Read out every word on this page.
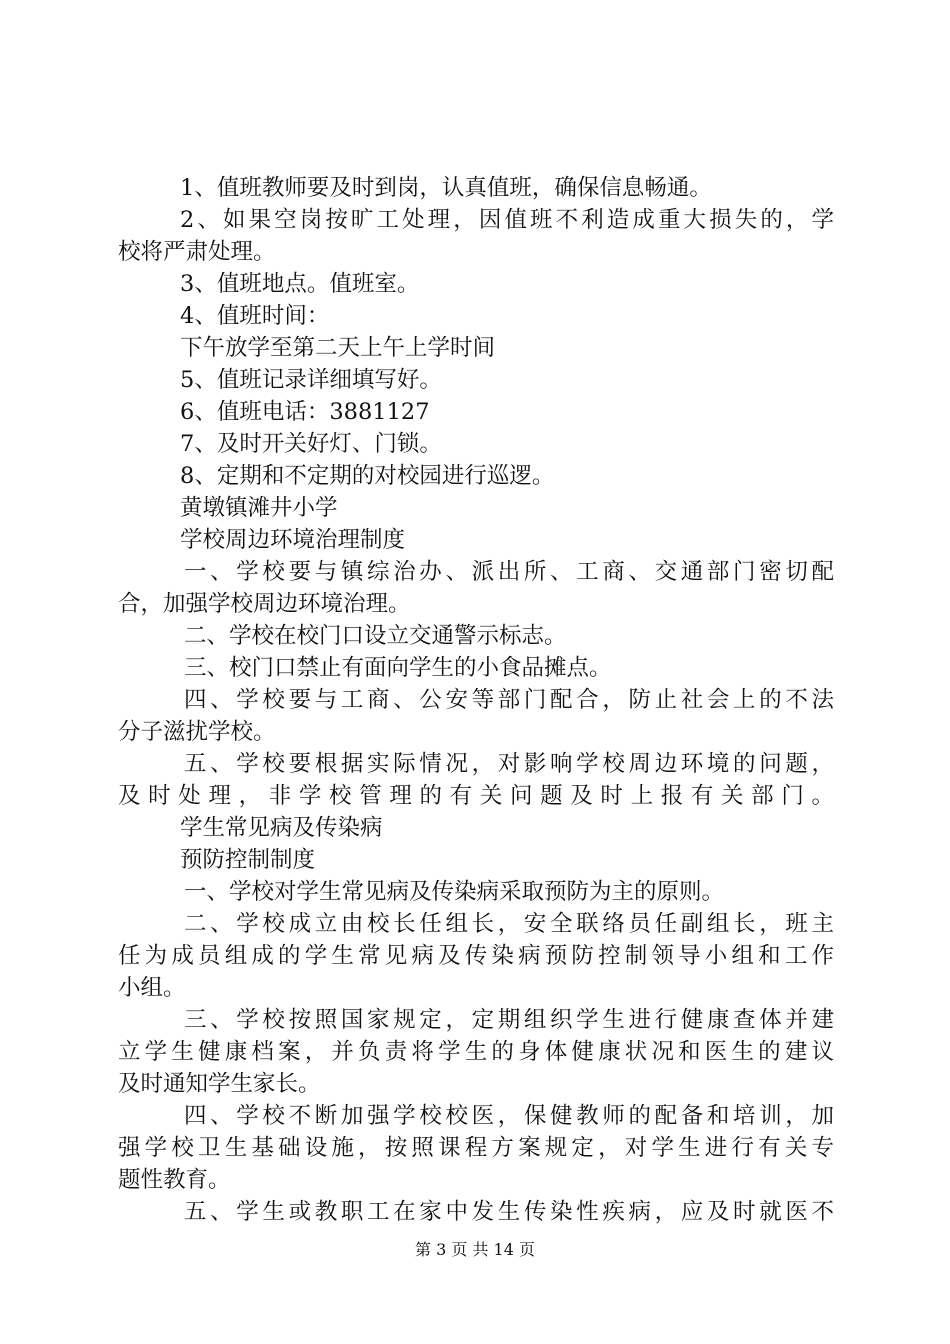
1、值班教师要及时到岗，认真值班，确保信息畅通。
2、如果空岗按旷工处理，因值班不利造成重大损失的，学
校将严肃处理。
3、值班地点。值班室。
4、值班时间：
下午放学至第二天上午上学时间
5、值班记录详细填写好。
6、值班电话：3881127
7、及时开关好灯、门锁。
8、定期和不定期的对校园进行巡逻。
黄墩镇滩井小学
学校周边环境治理制度
一、学校要与镇综治办、派出所、工商、交通部门密切配
合，加强学校周边环境治理。
二、学校在校门口设立交通警示标志。
三、校门口禁止有面向学生的小食品摊点。
四、学校要与工商、公安等部门配合，防止社会上的不法
分子滋扰学校。
五、学校要根据实际情况，对影响学校周边环境的问题，
及时处理，非学校管理的有关问题及时上报有关部门。
学生常见病及传染病
预防控制制度
一、学校对学生常见病及传染病采取预防为主的原则。
二、学校成立由校长任组长，安全联络员任副组长，班主
任为成员组成的学生常见病及传染病预防控制领导小组和工作
小组。
三、学校按照国家规定，定期组织学生进行健康查体并建
立学生健康档案，并负责将学生的身体健康状况和医生的建议
及时通知学生家长。
四、学校不断加强学校校医，保健教师的配备和培训，加
强学校卫生基础设施，按照课程方案规定，对学生进行有关专
题性教育。
五、学生或教职工在家中发生传染性疾病，应及时就医不
第 3 页 共 14 页
